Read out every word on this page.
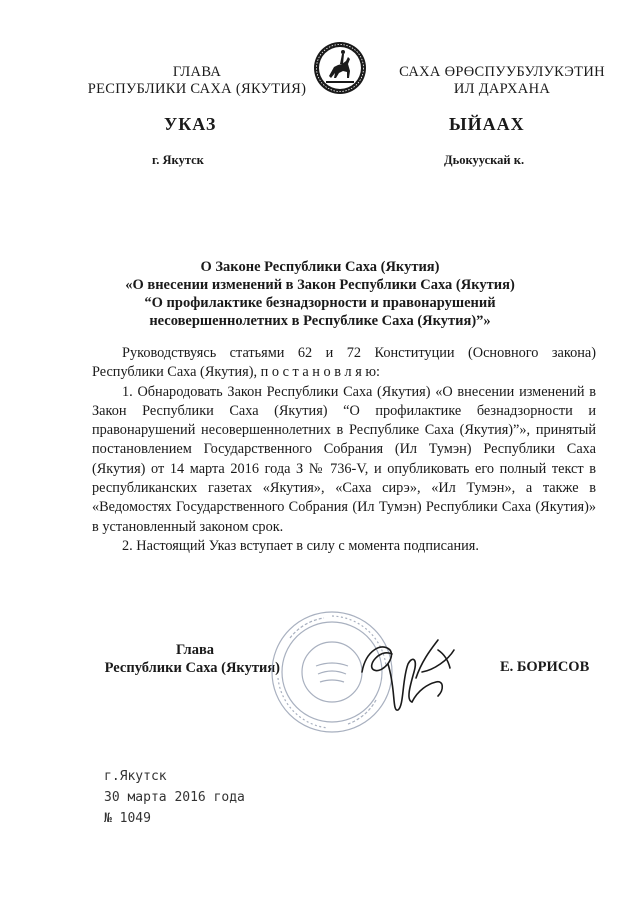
ГЛАВА
РЕСПУБЛИКИ САХА (ЯКУТИЯ)
САХА ӨРӨСПУУБУЛУКЭТИН
ИЛ ДАРХАНА
УКАЗ	ЫЙААХ
г. Якутск	Дьокуускай к.
О Законе Республики Саха (Якутия)
«О внесении изменений в Закон Республики Саха (Якутия)
“О профилактике безнадзорности и правонарушений
несовершеннолетних в Республике Саха (Якутия)”»

Руководствуясь статьями 62 и 72 Конституции (Основного закона) Республики Саха (Якутия), п о с т а н о в л я ю:

1. Обнародовать Закон Республики Саха (Якутия) «О внесении изменений в Закон Республики Саха (Якутия) “О профилактике безнадзорности и правонарушений несовершеннолетних в Республике Саха (Якутия)”», принятый постановлением Государственного Собрания (Ил Тумэн) Республики Саха (Якутия) от 14 марта 2016 года З № 736-V, и опубликовать его полный текст в республиканских газетах «Якутия», «Саха сирэ», «Ил Тумэн», а также в «Ведомостях Государственного Собрания (Ил Тумэн) Республики Саха (Якутия)» в установленный законом срок.

2. Настоящий Указ вступает в силу с момента подписания.

Глава
Республики Саха (Якутия)	Е. БОРИСОВ
г.Якутск
30 марта 2016 года
№ 1049
